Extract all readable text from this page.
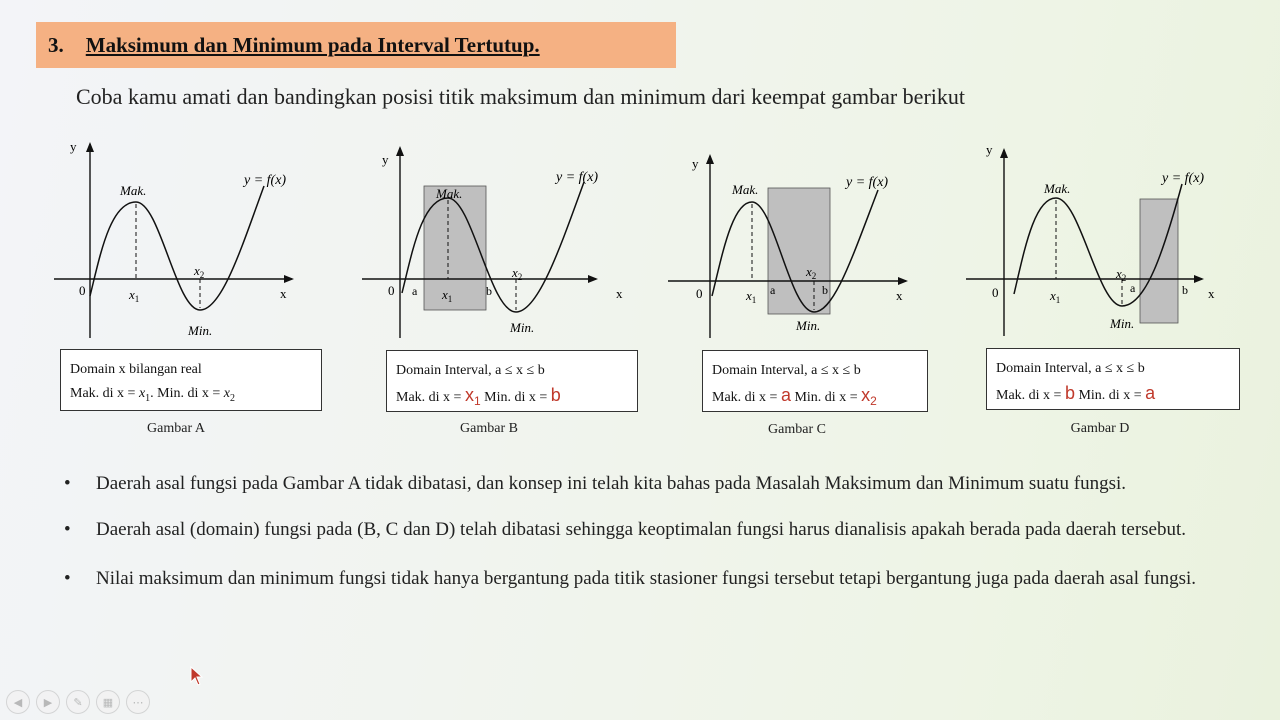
3. Maksimum dan Minimum pada Interval Tertutup.
Coba kamu amati dan bandingkan posisi titik maksimum dan minimum dari keempat gambar berikut
y
x
0
Mak.
Min.
y = f(x)
$x_1$
$x_2$
y
x
0 a	b
Mak.
Min.
y = f(x)
$x_1$
$x_2$
y
x
0	a	b
Mak.
Min.
y = f(x)
$x_1$
$x_2$
y
x
0	a	b
Mak.
Min.
y = f(x)
$x_1$
$x_2$
Domain x bilangan real
Mak. di $x = x_1$. Min. di $x = x_2$
Domain Interval, a ≤ x ≤ b
Mak. di $x = x_1$ Min. di x = b
Domain Interval, a ≤ x ≤ b
Mak. di x = a Min. di $x = x_2$
Domain Interval, a ≤ x ≤ b
Mak. di x = b Min. di x = a
Gambar A	Gambar B	Gambar C	Gambar D
• Daerah asal fungsi pada Gambar A tidak dibatasi, dan konsep ini telah kita bahas pada Masalah Maksimum dan Minimum suatu fungsi.
• Daerah asal (domain) fungsi pada (B, C dan D) telah dibatasi sehingga keoptimalan fungsi harus dianalisis apakah berada pada daerah tersebut.
• Nilai maksimum dan minimum fungsi tidak hanya bergantung pada titik stasioner fungsi tersebut tetapi bergantung juga pada daerah asal fungsi.
◀	▶	✎	▦	⋯
